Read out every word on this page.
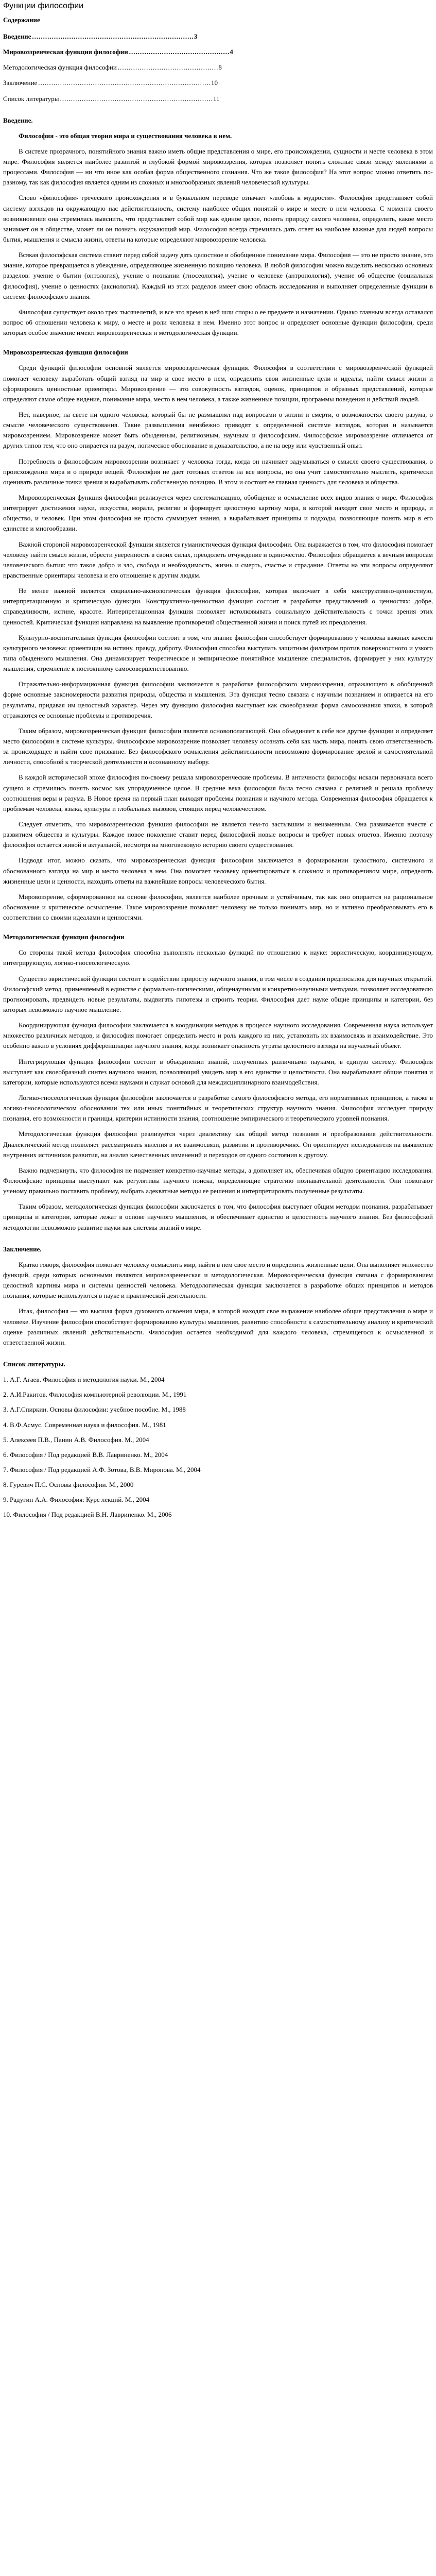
Функции философии
Содержание
Введение .......................................................................... 3
Мировоззренческая функция философии .............................................. 4
Методологическая функция философии .............................................. 8
Заключение ............................................................................... 10
Список литературы ...................................................................... 11
Введение.

Философия - это общая теория мира и существования человека в нем.

В системе прозрачного, понятийного знания важно иметь общие представления о мире, его происхождении, сущности и месте человека в этом мире. Философия является наиболее развитой и глубокой формой мировоззрения, которая позволяет понять сложные связи между явлениями и процессами. Философия — ни что иное как особая форма общественного сознания. Что же такое философия? На этот вопрос можно ответить по-разному, так как философия является одним из сложных и многообразных явлений человеческой культуры.

Слово «философия» греческого происхождения и в буквальном переводе означает «любовь к мудрости». Философия представляет собой систему взглядов на окружающую нас действительность, систему наиболее общих понятий о мире и месте в нем человека. С момента своего возникновения она стремилась выяснить, что представляет собой мир как единое целое, понять природу самого человека, определить, какое место занимает он в обществе, может ли он познать окружающий мир. Философия всегда стремилась дать ответ на наиболее важные для людей вопросы бытия, мышления и смысла жизни, ответы на которые определяют мировоззрение человека.

Всякая философская система ставит перед собой задачу дать целостное и обобщенное понимание мира. Философия — это не просто знание, это знание, которое превращается в убеждение, определяющее жизненную позицию человека. В любой философии можно выделить несколько основных разделов: учение о бытии (онтология), учение о познании (гносеология), учение о человеке (антропология), учение об обществе (социальная философия), учение о ценностях (аксиология). Каждый из этих разделов имеет свою область исследования и выполняет определенные функции в системе философского знания.

Философия существует около трех тысячелетий, и все это время в ней шли споры о ее предмете и назначении. Однако главным всегда оставался вопрос об отношении человека к миру, о месте и роли человека в нем. Именно этот вопрос и определяет основные функции философии, среди которых особое значение имеют мировоззренческая и методологическая функции.

Мировоззренческая функция философии

Среди функций философии основной является мировоззренческая функция. Философия в соответствии с мировоззренческой функцией помогает человеку выработать общий взгляд на мир и свое место в нем, определить свои жизненные цели и идеалы, найти смысл жизни и сформировать ценностные ориентиры. Мировоззрение — это совокупность взглядов, оценок, принципов и образных представлений, которые определяют самое общее видение, понимание мира, место в нем человека, а также жизненные позиции, программы поведения и действий людей.

Нет, наверное, на свете ни одного человека, который бы не размышлял над вопросами о жизни и смерти, о возможностях своего разума, о смысле человеческого существования. Такие размышления неизбежно приводят к определенной системе взглядов, которая и называется мировоззрением. Мировоззрение может быть обыденным, религиозным, научным и философским. Философское мировоззрение отличается от других типов тем, что оно опирается на разум, логическое обоснование и доказательство, а не на веру или чувственный опыт.

Потребность в философском мировоззрении возникает у человека тогда, когда он начинает задумываться о смысле своего существования, о происхождении мира и о природе вещей. Философия не дает готовых ответов на все вопросы, но она учит самостоятельно мыслить, критически оценивать различные точки зрения и вырабатывать собственную позицию. В этом и состоит ее главная ценность для человека и общества.

Мировоззренческая функция философии реализуется через систематизацию, обобщение и осмысление всех видов знания о мире. Философия интегрирует достижения науки, искусства, морали, религии и формирует целостную картину мира, в которой находят свое место и природа, и общество, и человек. При этом философия не просто суммирует знания, а вырабатывает принципы и подходы, позволяющие понять мир в его единстве и многообразии.

Важной стороной мировоззренческой функции является гуманистическая функция философии. Она выражается в том, что философия помогает человеку найти смысл жизни, обрести уверенность в своих силах, преодолеть отчуждение и одиночество. Философия обращается к вечным вопросам человеческого бытия: что такое добро и зло, свобода и необходимость, жизнь и смерть, счастье и страдание. Ответы на эти вопросы определяют нравственные ориентиры человека и его отношение к другим людям.

Не менее важной является социально-аксиологическая функция философии, которая включает в себя конструктивно-ценностную, интерпретационную и критическую функции. Конструктивно-ценностная функция состоит в разработке представлений о ценностях: добре, справедливости, истине, красоте. Интерпретационная функция позволяет истолковывать социальную действительность с точки зрения этих ценностей. Критическая функция направлена на выявление противоречий общественной жизни и поиск путей их преодоления.

Культурно-воспитательная функция философии состоит в том, что знание философии способствует формированию у человека важных качеств культурного человека: ориентации на истину, правду, доброту. Философия способна выступать защитным фильтром против поверхностного и узкого типа обыденного мышления. Она динамизирует теоретическое и эмпирическое понятийное мышление специалистов, формирует у них культуру мышления, стремление к постоянному самосовершенствованию.

Отражательно-информационная функция философии заключается в разработке философского мировоззрения, отражающего в обобщенной форме основные закономерности развития природы, общества и мышления. Эта функция тесно связана с научным познанием и опирается на его результаты, придавая им целостный характер. Через эту функцию философия выступает как своеобразная форма самосознания эпохи, в которой отражаются ее основные проблемы и противоречия.

Таким образом, мировоззренческая функция философии является основополагающей. Она объединяет в себе все другие функции и определяет место философии в системе культуры. Философское мировоззрение позволяет человеку осознать себя как часть мира, понять свою ответственность за происходящее и найти свое призвание. Без философского осмысления действительности невозможно формирование зрелой и самостоятельной личности, способной к творческой деятельности и осознанному выбору.

В каждой исторической эпохе философия по-своему решала мировоззренческие проблемы. В античности философы искали первоначала всего сущего и стремились понять космос как упорядоченное целое. В средние века философия была тесно связана с религией и решала проблему соотношения веры и разума. В Новое время на первый план выходят проблемы познания и научного метода. Современная философия обращается к проблемам человека, языка, культуры и глобальных вызовов, стоящих перед человечеством.

Следует отметить, что мировоззренческая функция философии не является чем-то застывшим и неизменным. Она развивается вместе с развитием общества и культуры. Каждое новое поколение ставит перед философией новые вопросы и требует новых ответов. Именно поэтому философия остается живой и актуальной, несмотря на многовековую историю своего существования.

Подводя итог, можно сказать, что мировоззренческая функция философии заключается в формировании целостного, системного и обоснованного взгляда на мир и место человека в нем. Она помогает человеку ориентироваться в сложном и противоречивом мире, определять жизненные цели и ценности, находить ответы на важнейшие вопросы человеческого бытия.

Мировоззрение, сформированное на основе философии, является наиболее прочным и устойчивым, так как оно опирается на рациональное обоснование и критическое осмысление. Такое мировоззрение позволяет человеку не только понимать мир, но и активно преобразовывать его в соответствии со своими идеалами и ценностями.

Методологическая функция философии

Со стороны такой метода философия способна выполнять несколько функций по отношению к науке: эвристическую, координирующую, интегрирующую, логико-гносеологическую.

Существо эвристической функции состоит в содействии приросту научного знания, в том числе в создании предпосылок для научных открытий. Философский метод, применяемый в единстве с формально-логическими, общенаучными и конкретно-научными методами, позволяет исследователю прогнозировать, предвидеть новые результаты, выдвигать гипотезы и строить теории. Философия дает науке общие принципы и категории, без которых невозможно научное мышление.

Координирующая функция философии заключается в координации методов в процессе научного исследования. Современная наука использует множество различных методов, и философия помогает определить место и роль каждого из них, установить их взаимосвязь и взаимодействие. Это особенно важно в условиях дифференциации научного знания, когда возникает опасность утраты целостного взгляда на изучаемый объект.

Интегрирующая функция философии состоит в объединении знаний, полученных различными науками, в единую систему. Философия выступает как своеобразный синтез научного знания, позволяющий увидеть мир в его единстве и целостности. Она вырабатывает общие понятия и категории, которые используются всеми науками и служат основой для междисциплинарного взаимодействия.

Логико-гносеологическая функция философии заключается в разработке самого философского метода, его нормативных принципов, а также в логико-гносеологическом обосновании тех или иных понятийных и теоретических структур научного знания. Философия исследует природу познания, его возможности и границы, критерии истинности знания, соотношение эмпирического и теоретического уровней познания.

Методологическая функция философии реализуется через диалектику как общий метод познания и преобразования действительности. Диалектический метод позволяет рассматривать явления в их взаимосвязи, развитии и противоречиях. Он ориентирует исследователя на выявление внутренних источников развития, на анализ качественных изменений и переходов от одного состояния к другому.

Важно подчеркнуть, что философия не подменяет конкретно-научные методы, а дополняет их, обеспечивая общую ориентацию исследования. Философские принципы выступают как регулятивы научного поиска, определяющие стратегию познавательной деятельности. Они помогают ученому правильно поставить проблему, выбрать адекватные методы ее решения и интерпретировать полученные результаты.

Таким образом, методологическая функция философии заключается в том, что философия выступает общим методом познания, разрабатывает принципы и категории, которые лежат в основе научного мышления, и обеспечивает единство и целостность научного знания. Без философской методологии невозможно развитие науки как системы знаний о мире.

Заключение.

Кратко говоря, философия помогает человеку осмыслить мир, найти в нем свое место и определить жизненные цели. Она выполняет множество функций, среди которых основными являются мировоззренческая и методологическая. Мировоззренческая функция связана с формированием целостной картины мира и системы ценностей человека. Методологическая функция заключается в разработке общих принципов и методов познания, которые используются в науке и практической деятельности.

Итак, философия — это высшая форма духовного освоения мира, в которой находят свое выражение наиболее общие представления о мире и человеке. Изучение философии способствует формированию культуры мышления, развитию способности к самостоятельному анализу и критической оценке различных явлений действительности. Философия остается необходимой для каждого человека, стремящегося к осмысленной и ответственной жизни.

Список литературы.
1. А.Г. Агаев. Философия и методология науки. М., 2004
2. А.И.Ракитов. Философия компьютерной революции. М., 1991
3. А.Г.Спиркин. Основы философии: учебное пособие. М., 1988
4. В.Ф.Асмус. Современная наука и философия. М., 1981
5. Алексеев П.В., Панин А.В. Философия. М., 2004
6. Философия / Под редакцией В.В. Лавриненко. М., 2004
7. Философия / Под редакцией А.Ф. Зотова, В.В. Миронова. М., 2004
8. Гуревич П.С. Основы философии. М., 2000
9. Радугин А.А. Философия: Курс лекций. М., 2004
10. Философия / Под редакцией В.Н. Лавриненко. М., 2006
